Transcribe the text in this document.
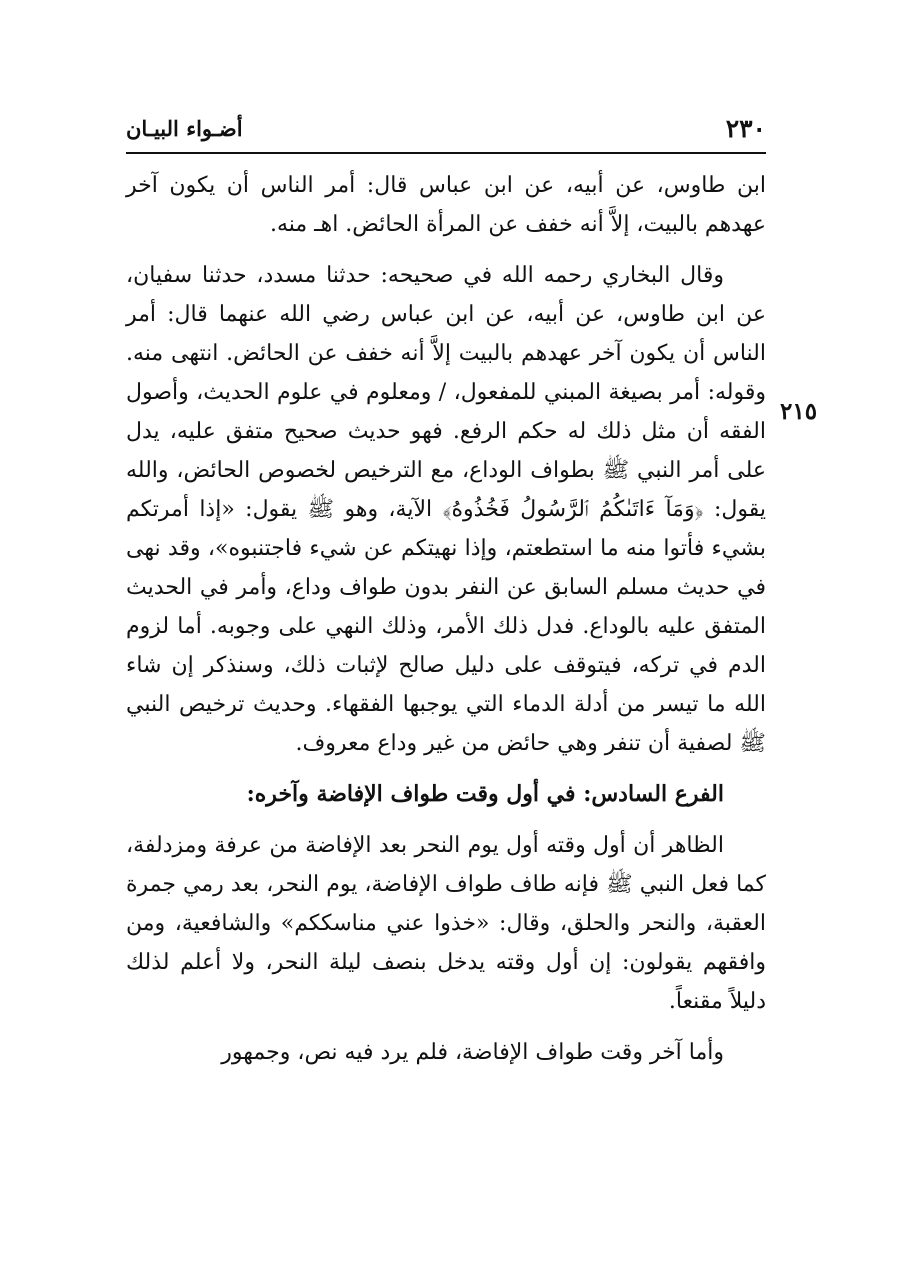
٢٣٠
أضـواء البيـان
٢١٥

ابن طاوس، عن أبيه، عن ابن عباس قال: أمر الناس أن يكون آخر عهدهم بالبيت، إلاَّ أنه خفف عن المرأة الحائض. اهـ منه.

وقال البخاري رحمه الله في صحيحه: حدثنا مسدد، حدثنا سفيان، عن ابن طاوس، عن أبيه، عن ابن عباس رضي الله عنهما قال: أمر الناس أن يكون آخر عهدهم بالبيت إلاَّ أنه خفف عن الحائض. انتهى منه. وقوله: أمر بصيغة المبني للمفعول، / ومعلوم في علوم الحديث، وأصول الفقه أن مثل ذلك له حكم الرفع. فهو حديث صحيح متفق عليه، يدل على أمر النبي ﷺ بطواف الوداع، مع الترخيص لخصوص الحائض، والله يقول: ﴿وَمَآ ءَاتَىٰكُمُ ٱلرَّسُولُ فَخُذُوهُ﴾ الآية، وهو ﷺ يقول: «إذا أمرتكم بشيء فأتوا منه ما استطعتم، وإذا نهيتكم عن شيء فاجتنبوه»، وقد نهى في حديث مسلم السابق عن النفر بدون طواف وداع، وأمر في الحديث المتفق عليه بالوداع. فدل ذلك الأمر، وذلك النهي على وجوبه. أما لزوم الدم في تركه، فيتوقف على دليل صالح لإثبات ذلك، وسنذكر إن شاء الله ما تيسر من أدلة الدماء التي يوجبها الفقهاء. وحديث ترخيص النبي ﷺ لصفية أن تنفر وهي حائض من غير وداع معروف.

الفرع السادس: في أول وقت طواف الإفاضة وآخره:

الظاهر أن أول وقته أول يوم النحر بعد الإفاضة من عرفة ومزدلفة، كما فعل النبي ﷺ فإنه طاف طواف الإفاضة، يوم النحر، بعد رمي جمرة العقبة، والنحر والحلق، وقال: «خذوا عني مناسككم» والشافعية، ومن وافقهم يقولون: إن أول وقته يدخل بنصف ليلة النحر، ولا أعلم لذلك دليلاً مقنعاً.

وأما آخر وقت طواف الإفاضة، فلم يرد فيه نص، وجمهور
